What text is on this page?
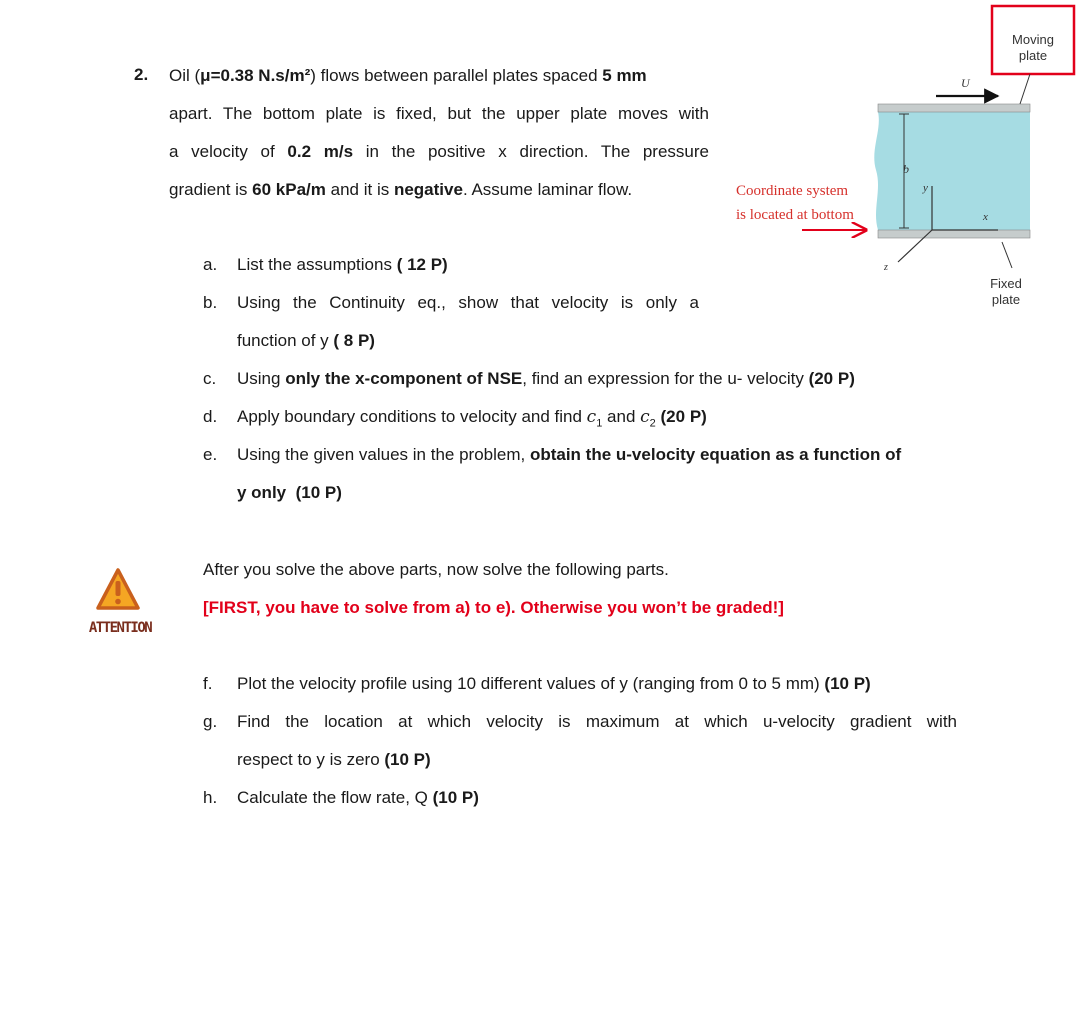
2. Oil (μ=0.38 N.s/m²) flows between parallel plates spaced 5 mm
apart. The bottom plate is fixed, but the upper plate moves with
a velocity of 0.2 m/s in the positive x direction. The pressure
gradient is 60 kPa/m and it is negative. Assume laminar flow.
Moving
plate
Fixed
plate
U
b
y
x
z
Coordinate system
is located at bottom
a.	List the assumptions ( 12 P)
b.	Using the Continuity eq., show that velocity is only a
function of y ( 8 P)
c.	Using only the x-component of NSE, find an expression for the u- velocity (20 P)
d.	Apply boundary conditions to velocity and find $c_1$ and $c_2$ (20 P)
e.	Using the given values in the problem, obtain the u-velocity equation as a function of
y only (10 P)
ATTENTION
After you solve the above parts, now solve the following parts.
[FIRST, you have to solve from a) to e). Otherwise you won’t be graded!]
f.	Plot the velocity profile using 10 different values of y (ranging from 0 to 5 mm) (10 P)
g.	Find the location at which velocity is maximum at which u-velocity gradient with
respect to y is zero (10 P)
h.	Calculate the flow rate, Q (10 P)
